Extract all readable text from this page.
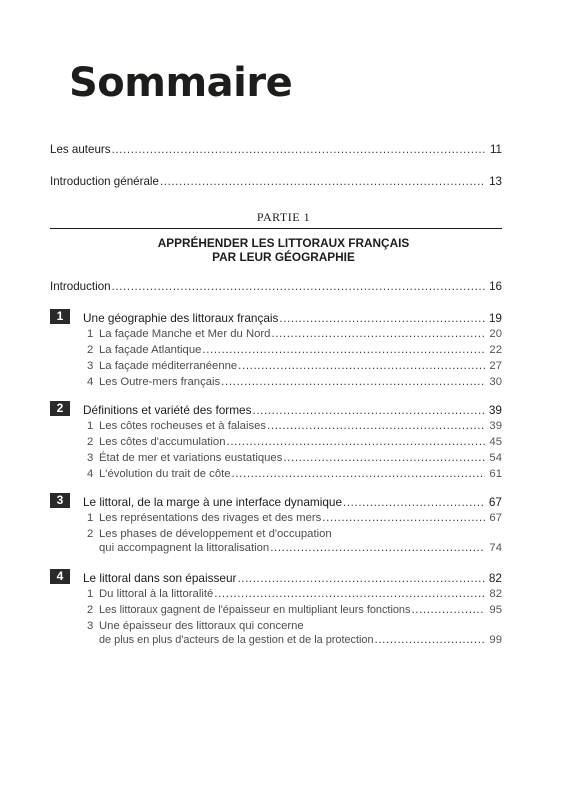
Sommaire
Les auteurs .....	11
Introduction générale .....	13
PARTIE 1
APPRÉHENDER LES LITTORAUX FRANÇAIS
PAR LEUR GÉOGRAPHIE
Introduction .....	16
1	Une géographie des littoraux français .....	19
1 La façade Manche et Mer du Nord .....	20
2 La façade Atlantique .....	22
3 La façade méditerranéenne .....	27
4 Les Outre-mers français .....	30
2	Définitions et variété des formes .....	39
1 Les côtes rocheuses et à falaises .....	39
2 Les côtes d'accumulation .....	45
3 État de mer et variations eustatiques .....	54
4 L'évolution du trait de côte .....	61
3	Le littoral, de la marge à une interface dynamique .....	67
1 Les représentations des rivages et des mers .....	67
2 Les phases de développement et d'occupation
qui accompagnent la littoralisation .....	74
4	Le littoral dans son épaisseur .....	82
1 Du littoral à la littoralité .....	82
2 Les littoraux gagnent de l'épaisseur en multipliant leurs fonctions .....	95
3 Une épaisseur des littoraux qui concerne
de plus en plus d'acteurs de la gestion et de la protection .....	99
